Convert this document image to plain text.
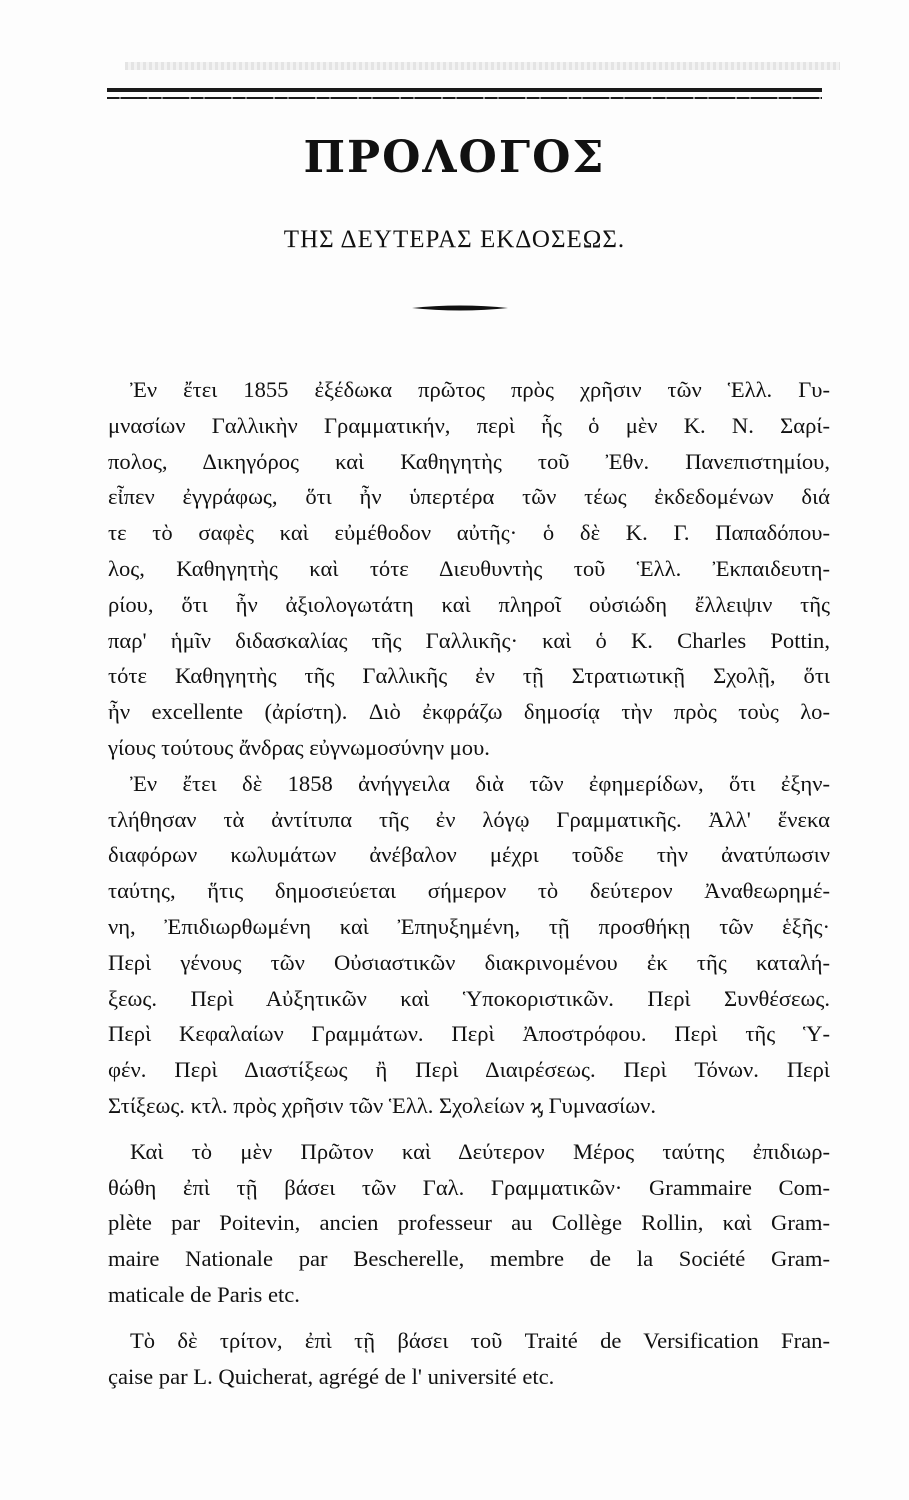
ΠΡΟΛΟΓΟΣ
ΤΗΣ ΔΕΥΤΕΡΑΣ ΕΚΔΟΣΕΩΣ.
Ἐν ἔτει 1855 ἐξέδωκα πρῶτος πρὸς χρῆσιν τῶν Ἑλλ. Γυ-
μνασίων Γαλλικὴν Γραμματικήν, περὶ ἧς ὁ μὲν Κ. Ν. Σαρί-
πολος, Δικηγόρος καὶ Καθηγητὴς τοῦ Ἐθν. Πανεπιστημίου,
εἶπεν ἐγγράφως, ὅτι ἦν ὑπερτέρα τῶν τέως ἐκδεδομένων διά
τε τὸ σαφὲς καὶ εὐμέθοδον αὐτῆς· ὁ δὲ Κ. Γ. Παπαδόπου-
λος, Καθηγητὴς καὶ τότε Διευθυντὴς τοῦ Ἑλλ. Ἐκπαιδευτη-
ρίου, ὅτι ἦν ἀξιολογωτάτη καὶ πληροῖ οὐσιώδη ἔλλειψιν τῆς
παρ' ἡμῖν διδασκαλίας τῆς Γαλλικῆς· καὶ ὁ Κ. Charles Pottin,
τότε Καθηγητὴς τῆς Γαλλικῆς ἐν τῇ Στρατιωτικῇ Σχολῇ, ὅτι
ἦν excellente (ἀρίστη). Διὸ ἐκφράζω δημοσίᾳ τὴν πρὸς τοὺς λο-
γίους τούτους ἄνδρας εὐγνωμοσύνην μου.
Ἐν ἔτει δὲ 1858 ἀνήγγειλα διὰ τῶν ἐφημερίδων, ὅτι ἐξην-
τλήθησαν τὰ ἀντίτυπα τῆς ἐν λόγῳ Γραμματικῆς. Ἀλλ' ἕνεκα
διαφόρων κωλυμάτων ἀνέβαλον μέχρι τοῦδε τὴν ἀνατύπωσιν
ταύτης, ἥτις δημοσιεύεται σήμερον τὸ δεύτερον Ἀναθεωρημέ-
νη, Ἐπιδιωρθωμένη καὶ Ἐπηυξημένη, τῇ προσθήκῃ τῶν ἑξῆς·
Περὶ γένους τῶν Οὐσιαστικῶν διακρινομένου ἐκ τῆς καταλή-
ξεως. Περὶ Αὐξητικῶν καὶ Ὑποκοριστικῶν. Περὶ Συνθέσεως.
Περὶ Κεφαλαίων Γραμμάτων. Περὶ Ἀποστρόφου. Περὶ τῆς Ὑ-
φέν. Περὶ Διαστίξεως ἢ Περὶ Διαιρέσεως. Περὶ Τόνων. Περὶ
Στίξεως. κτλ. πρὸς χρῆσιν τῶν Ἑλλ. Σχολείων ϗ Γυμνασίων.
Καὶ τὸ μὲν Πρῶτον καὶ Δεύτερον Μέρος ταύτης ἐπιδιωρ-
θώθη ἐπὶ τῇ βάσει τῶν Γαλ. Γραμματικῶν· Grammaire Com-
plète par Poitevin, ancien professeur au Collège Rollin, καὶ Gram-
maire Nationale par Bescherelle, membre de la Société Gram-
maticale de Paris etc.
Τὸ δὲ τρίτον, ἐπὶ τῇ βάσει τοῦ Traité de Versification Fran-
çaise par L. Quicherat, agrégé de l' université etc.
